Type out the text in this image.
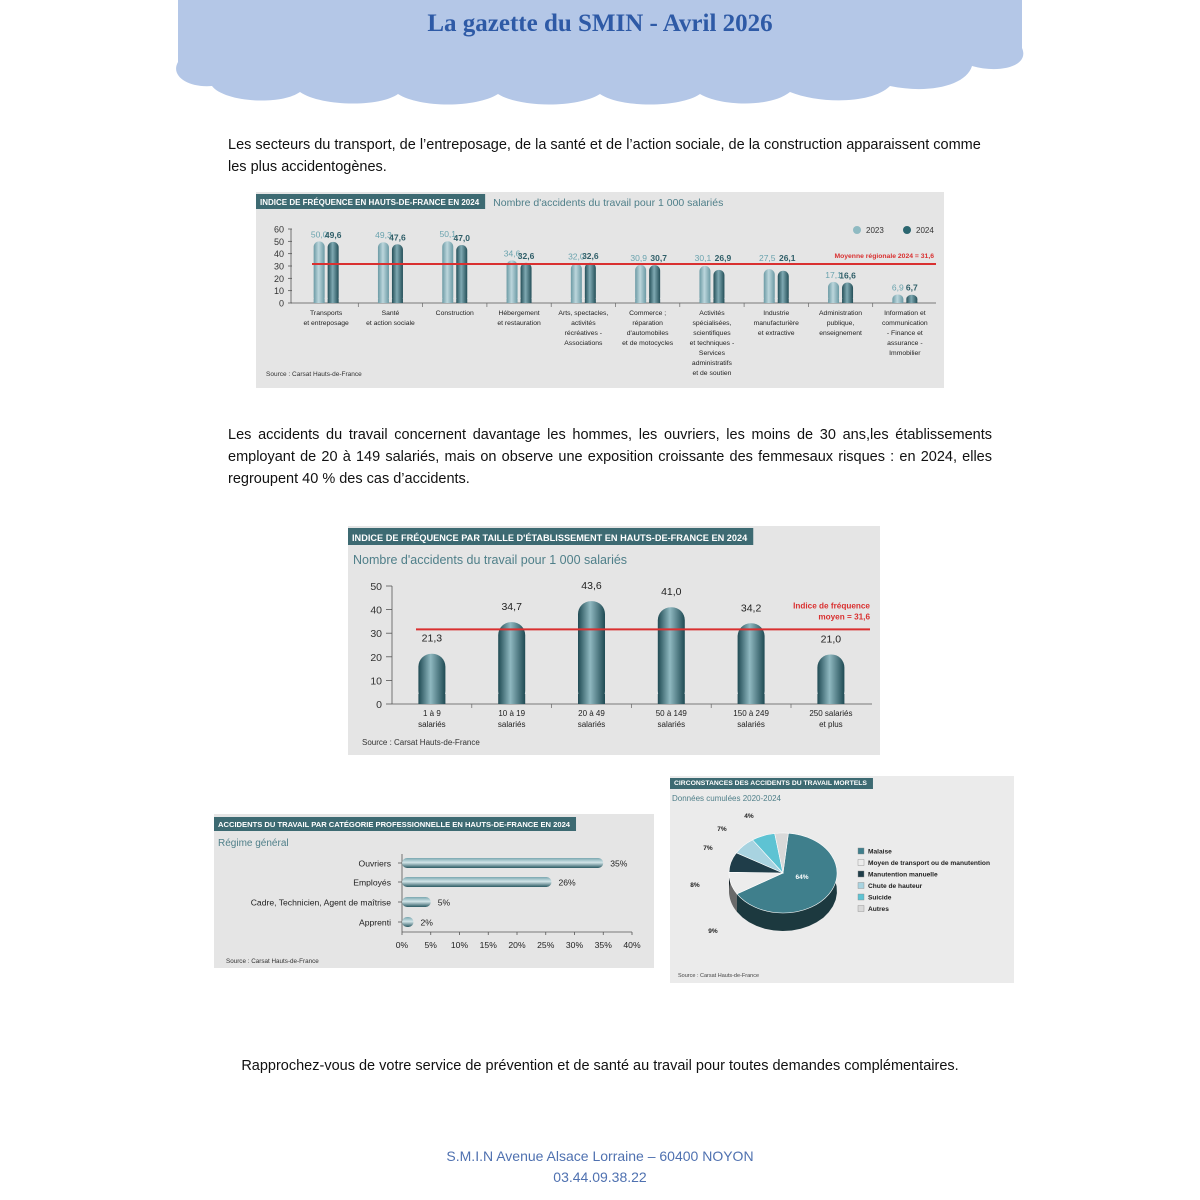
La gazette du SMIN - Avril 2026
Les secteurs du transport, de l’entreposage, de la santé et de l’action sociale, de la construction apparaissent comme les plus accidentogènes.
INDICE DE FRÉQUENCE EN HAUTS-DE-FRANCE EN 2024 Nombre d'accidents du travail pour 1 000 salariés
60
50
40
30
20
10
0
50,0
49,6
Transports
et entreposage
49,3
47,6
Santé
et action sociale
50,1
47,0
Construction
34,6
32,6
Hébergement
et restauration
32,0
32,6
Arts, spectacles,
activités
récréatives -
Associations
30,9 30,7
Commerce ;
réparation
d'automobiles
et de motocycles
30,1 26,9
Activités
spécialisées,
scientifiques
et techniques -
Services
administratifs
et de soutien
27,5 26,1
Industrie
manufacturière
et extractive
17,1
16,6
Administration
publique,
enseignement
6,9 6,7
Information et
communication
- Finance et
assurance -
Immobilier
Moyenne régionale 2024 = 31,6
2023	2024
Source : Carsat Hauts-de-France
Les accidents du travail concernent davantage les hommes, les ouvriers, les moins de 30 ans,les établissements employant de 20 à 149 salariés, mais on observe une exposition croissante des femmesaux risques : en 2024, elles regroupent 40 % des cas d’accidents.
INDICE DE FRÉQUENCE PAR TAILLE D'ÉTABLISSEMENT EN HAUTS-DE-FRANCE EN 2024
Nombre d'accidents du travail pour 1 000 salariés
50
40
30
20
10
0
21,3
1 à 9
salariés
34,7
10 à 19
salariés
43,6
20 à 49
salariés
41,0
50 à 149
salariés
34,2
150 à 249
salariés
21,0
250 salariés
et plus
Indice de fréquence
moyen = 31,6
Source : Carsat Hauts-de-France
ACCIDENTS DU TRAVAIL PAR CATÉGORIE PROFESSIONNELLE EN HAUTS-DE-FRANCE EN 2024
Régime général
Ouvriers	35%
Employés	26%
Cadre, Technicien, Agent de maîtrise	5%
Apprenti	2%
0% 5% 10% 15% 20% 25% 30% 35% 40%
Source : Carsat Hauts-de-France
CIRCONSTANCES DES ACCIDENTS DU TRAVAIL MORTELS
Données cumulées 2020-2024
64%
9%
8%
7%
7%
4%
Malaise
Moyen de transport ou de manutention
Manutention manuelle
Chute de hauteur
Suicide
Autres
Source : Carsat Hauts-de-France
Rapprochez-vous de votre service de prévention et de santé au travail pour toutes demandes complémentaires.
S.M.I.N Avenue Alsace Lorraine – 60400 NOYON
03.44.09.38.22
